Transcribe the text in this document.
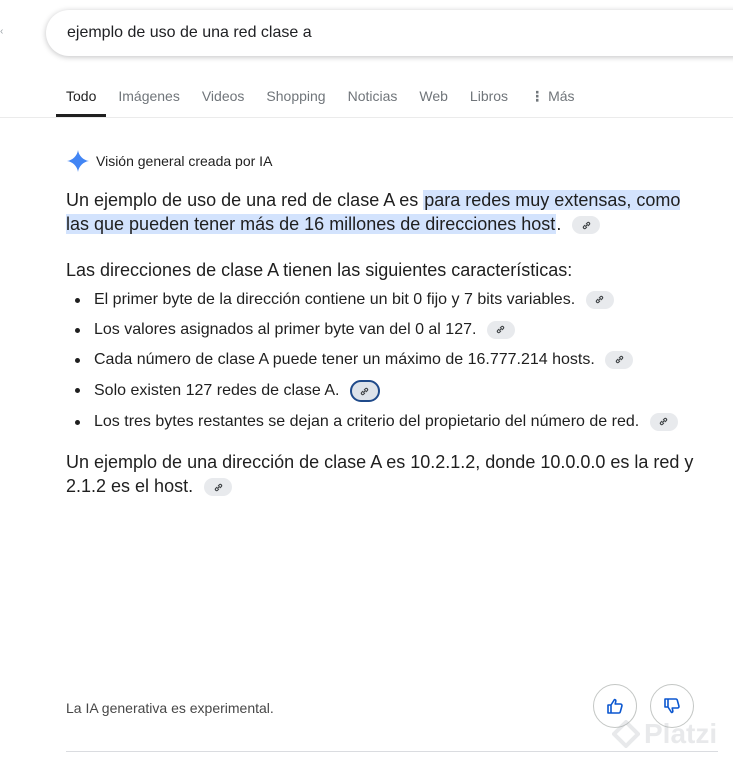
‹	ejemplo de uso de una red clase a
Todo	Imágenes Videos Shopping Noticias Web Libros ⋮ Más
Visión general creada por IA
Un ejemplo de uso de una red de clase A es para redes muy extensas, como las que pueden tener más de 16 millones de direcciones host.
Las direcciones de clase A tienen las siguientes características:
El primer byte de la dirección contiene un bit 0 fijo y 7 bits variables.
Los valores asignados al primer byte van del 0 al 127.
Cada número de clase A puede tener un máximo de 16.777.214 hosts.
Solo existen 127 redes de clase A.
Los tres bytes restantes se dejan a criterio del propietario del número de red.
Un ejemplo de una dirección de clase A es 10.2.1.2, donde 10.0.0.0 es la red y 2.1.2 es el host.
La IA generativa es experimental.
Platzi
